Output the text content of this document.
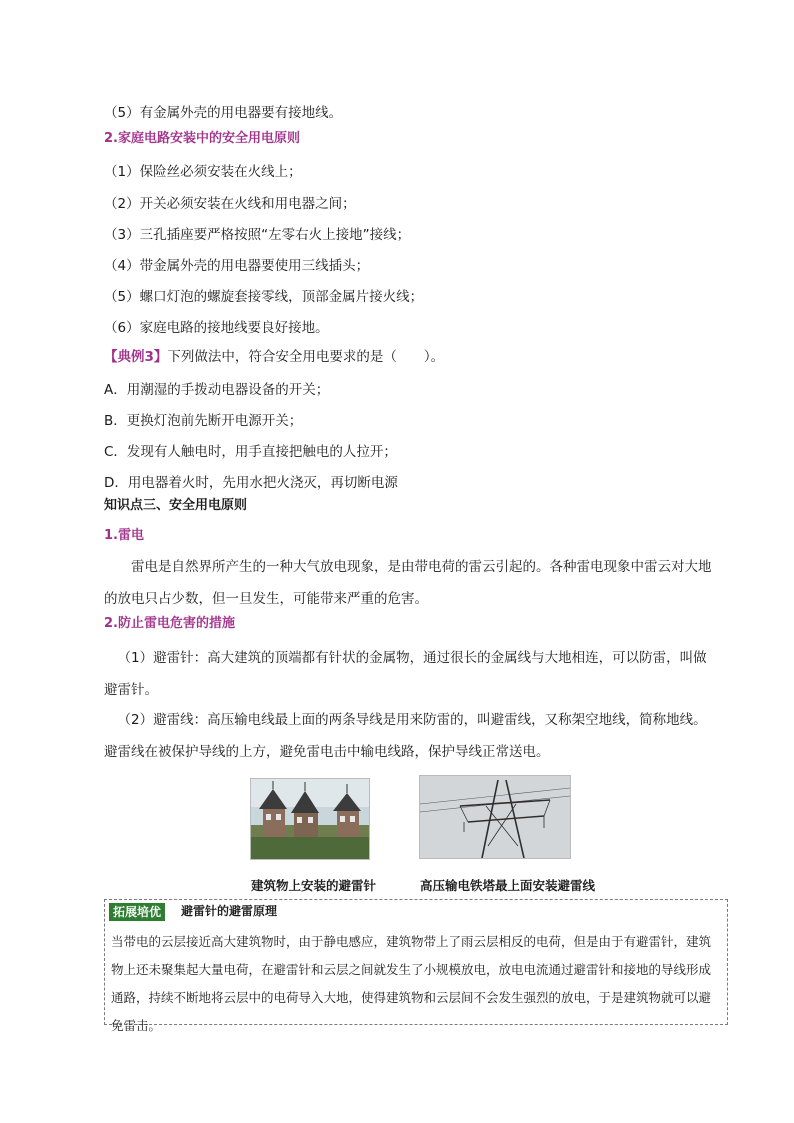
（5）有金属外壳的用电器要有接地线。
2.家庭电路安装中的安全用电原则
（1）保险丝必须安装在火线上；
（2）开关必须安装在火线和用电器之间；
（3）三孔插座要严格按照“左零右火上接地”接线；
（4）带金属外壳的用电器要使用三线插头；
（5）螺口灯泡的螺旋套接零线，顶部金属片接火线；
（6）家庭电路的接地线要良好接地。
【典例3】下列做法中，符合安全用电要求的是（　　）。
A．用潮湿的手拨动电器设备的开关；
B．更换灯泡前先断开电源开关；
C．发现有人触电时，用手直接把触电的人拉开；
D．用电器着火时，先用水把火浇灭，再切断电源
知识点三、安全用电原则
1.雷电
雷电是自然界所产生的一种大气放电现象，是由带电荷的雷云引起的。各种雷电现象中雷云对大地的放电只占少数，但一旦发生，可能带来严重的危害。
2.防止雷电危害的措施
（1）避雷针：高大建筑的顶端都有针状的金属物，通过很长的金属线与大地相连，可以防雷，叫做避雷针。
（2）避雷线：高压输电线最上面的两条导线是用来防雷的，叫避雷线，又称架空地线，简称地线。避雷线在被保护导线的上方，避免雷电击中输电线路，保护导线正常送电。
建筑物上安装的避雷针	高压输电铁塔最上面安装避雷线
拓展培优	避雷针的避雷原理
当带电的云层接近高大建筑物时，由于静电感应，建筑物带上了雨云层相反的电荷，但是由于有避雷针，建筑物上还未聚集起大量电荷，在避雷针和云层之间就发生了小规模放电，放电电流通过避雷针和接地的导线形成通路，持续不断地将云层中的电荷导入大地，使得建筑物和云层间不会发生强烈的放电，于是建筑物就可以避免雷击。
